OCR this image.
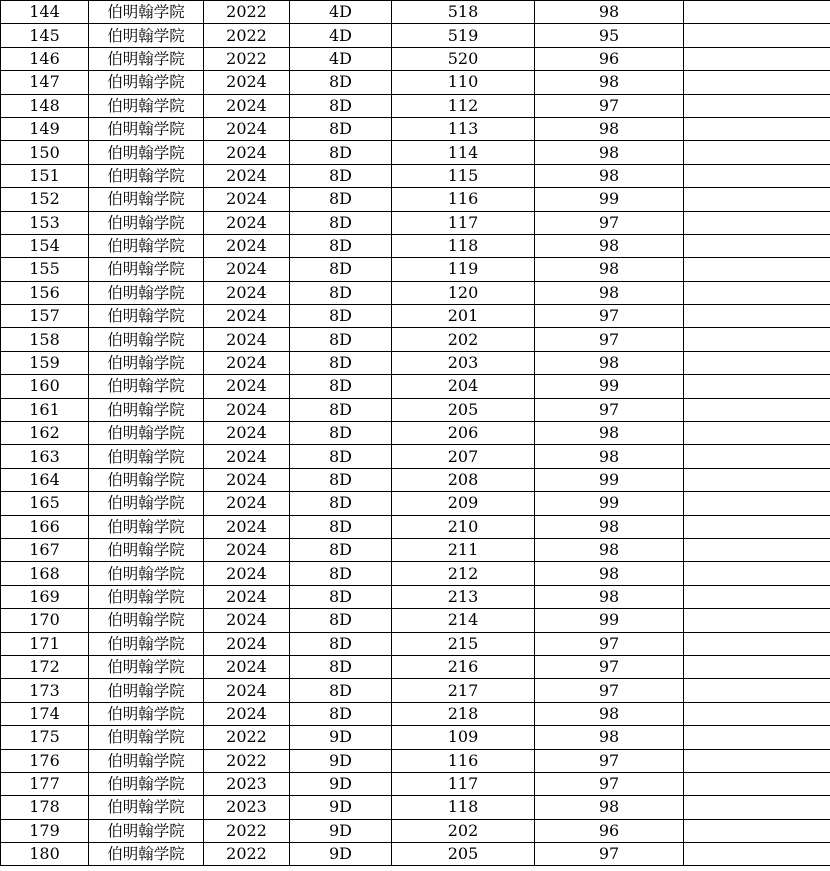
144	伯明翰学院	2022	4D	518	98	
145	伯明翰学院	2022	4D	519	95	
146	伯明翰学院	2022	4D	520	96	
147	伯明翰学院	2024	8D	110	98	
148	伯明翰学院	2024	8D	112	97	
149	伯明翰学院	2024	8D	113	98	
150	伯明翰学院	2024	8D	114	98	
151	伯明翰学院	2024	8D	115	98	
152	伯明翰学院	2024	8D	116	99	
153	伯明翰学院	2024	8D	117	97	
154	伯明翰学院	2024	8D	118	98	
155	伯明翰学院	2024	8D	119	98	
156	伯明翰学院	2024	8D	120	98	
157	伯明翰学院	2024	8D	201	97	
158	伯明翰学院	2024	8D	202	97	
159	伯明翰学院	2024	8D	203	98	
160	伯明翰学院	2024	8D	204	99	
161	伯明翰学院	2024	8D	205	97	
162	伯明翰学院	2024	8D	206	98	
163	伯明翰学院	2024	8D	207	98	
164	伯明翰学院	2024	8D	208	99	
165	伯明翰学院	2024	8D	209	99	
166	伯明翰学院	2024	8D	210	98	
167	伯明翰学院	2024	8D	211	98	
168	伯明翰学院	2024	8D	212	98	
169	伯明翰学院	2024	8D	213	98	
170	伯明翰学院	2024	8D	214	99	
171	伯明翰学院	2024	8D	215	97	
172	伯明翰学院	2024	8D	216	97	
173	伯明翰学院	2024	8D	217	97	
174	伯明翰学院	2024	8D	218	98	
175	伯明翰学院	2022	9D	109	98	
176	伯明翰学院	2022	9D	116	97	
177	伯明翰学院	2023	9D	117	97	
178	伯明翰学院	2023	9D	118	98	
179	伯明翰学院	2022	9D	202	96	
180	伯明翰学院	2022	9D	205	97	
